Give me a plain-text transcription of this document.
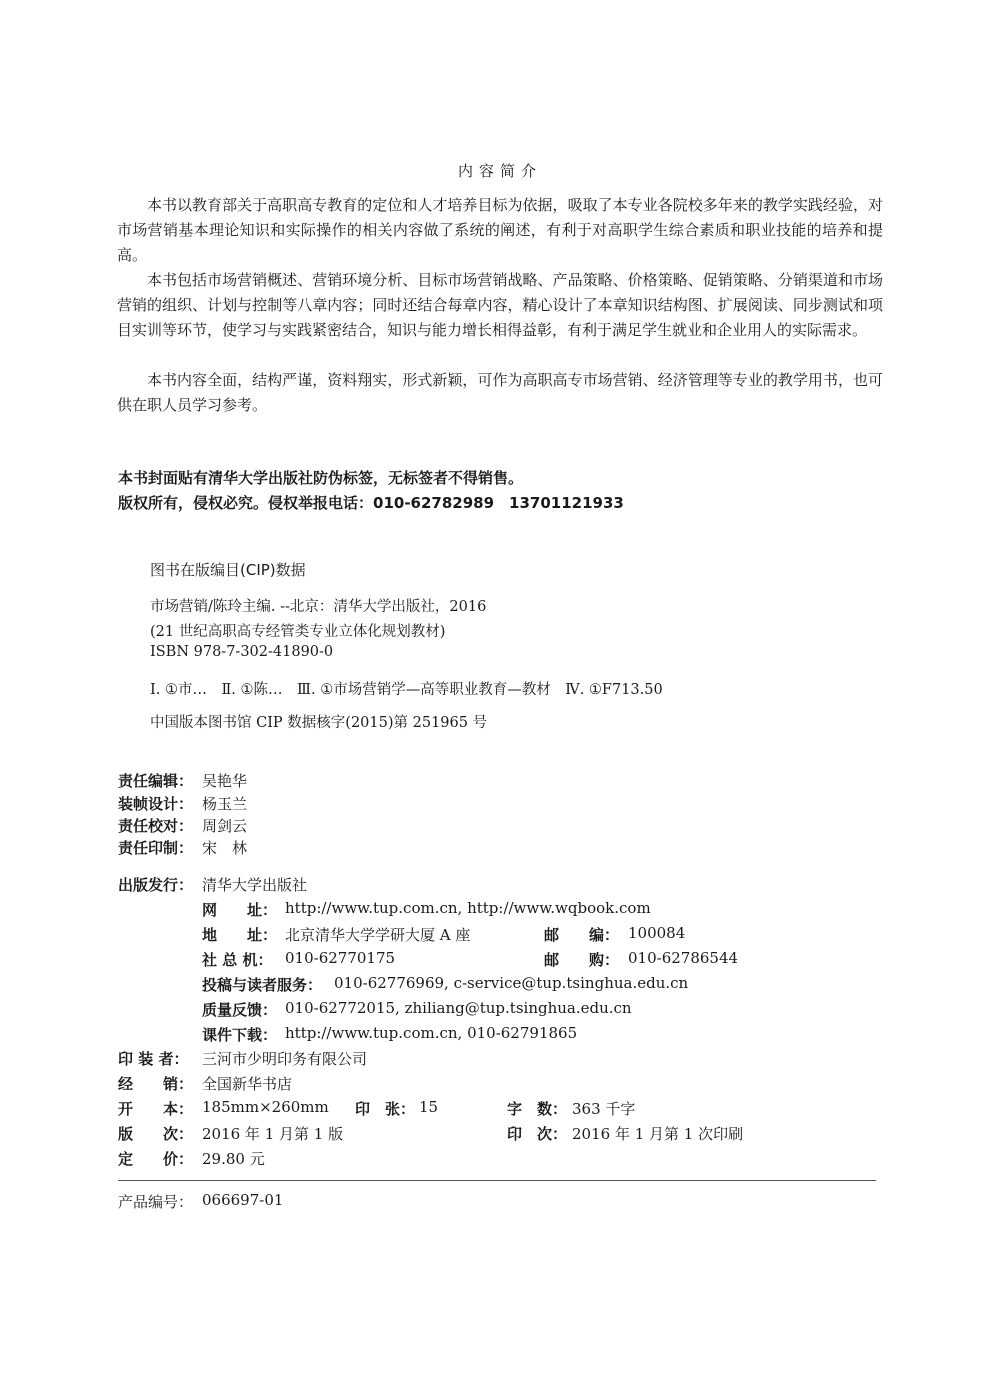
内容简介
本书以教育部关于高职高专教育的定位和人才培养目标为依据，吸取了本专业各院校多年来的教学实践经验，对市场营销基本理论知识和实际操作的相关内容做了系统的阐述，有利于对高职学生综合素质和职业技能的培养和提高。
本书包括市场营销概述、营销环境分析、目标市场营销战略、产品策略、价格策略、促销策略、分销渠道和市场营销的组织、计划与控制等八章内容；同时还结合每章内容，精心设计了本章知识结构图、扩展阅读、同步测试和项目实训等环节，使学习与实践紧密结合，知识与能力增长相得益彰，有利于满足学生就业和企业用人的实际需求。
本书内容全面，结构严谨，资料翔实，形式新颖，可作为高职高专市场营销、经济管理等专业的教学用书，也可供在职人员学习参考。
本书封面贴有清华大学出版社防伪标签，无标签者不得销售。
版权所有，侵权必究。侵权举报电话：010-62782989　13701121933
图书在版编目(CIP)数据
市场营销/陈玲主编. --北京：清华大学出版社，2016
(21 世纪高职高专经管类专业立体化规划教材)
ISBN 978-7-302-41890-0
Ⅰ. ①市…　Ⅱ. ①陈…　Ⅲ. ①市场营销学—高等职业教育—教材　Ⅳ. ①F713.50
中国版本图书馆 CIP 数据核字(2015)第 251965 号
责任编辑： 吴艳华
装帧设计： 杨玉兰
责任校对： 周剑云
责任印制： 宋　林
出版发行： 清华大学出版社
网　　址： http://www.tup.com.cn, http://www.wqbook.com
地　　址： 北京清华大学学研大厦 A 座	邮　　编： 100084
社 总 机： 010-62770175	邮　　购： 010-62786544
投稿与读者服务： 010-62776969, c-service@tup.tsinghua.edu.cn
质量反馈： 010-62772015, zhiliang@tup.tsinghua.edu.cn
课件下载： http://www.tup.com.cn, 010-62791865
印 装 者： 三河市少明印务有限公司
经　　销： 全国新华书店
开　　本： 185mm×260mm 印　张： 15	字　数： 363 千字
版　　次： 2016 年 1 月第 1 版	印　次： 2016 年 1 月第 1 次印刷
定　　价： 29.80 元
产品编号： 066697-01
